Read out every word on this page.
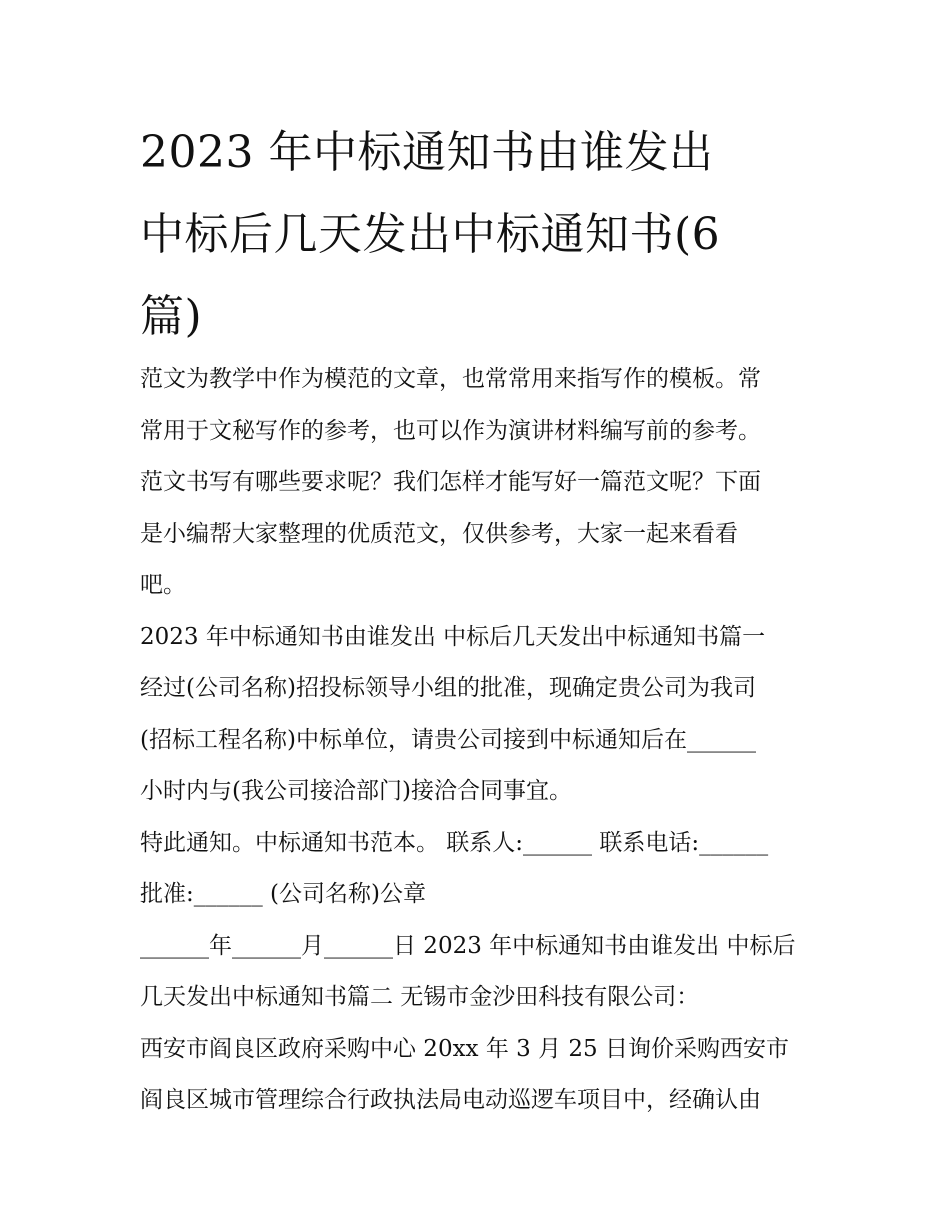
2023 年中标通知书由谁发出
中标后几天发出中标通知书(6
篇)
范文为教学中作为模范的文章，也常常用来指写作的模板。常
常用于文秘写作的参考，也可以作为演讲材料编写前的参考。
范文书写有哪些要求呢？我们怎样才能写好一篇范文呢？下面
是小编帮大家整理的优质范文，仅供参考，大家一起来看看
吧。
2023 年中标通知书由谁发出 中标后几天发出中标通知书篇一
经过(公司名称)招投标领导小组的批准，现确定贵公司为我司
(招标工程名称)中标单位，请贵公司接到中标通知后在______
小时内与(我公司接洽部门)接洽合同事宜。
特此通知。中标通知书范本。 联系人:______ 联系电话:______
批准:______ (公司名称)公章
______年______月______日 2023 年中标通知书由谁发出 中标后
几天发出中标通知书篇二 无锡市金沙田科技有限公司：
西安市阎良区政府采购中心 20xx 年 3 月 25 日询价采购西安市
阎良区城市管理综合行政执法局电动巡逻车项目中，经确认由
